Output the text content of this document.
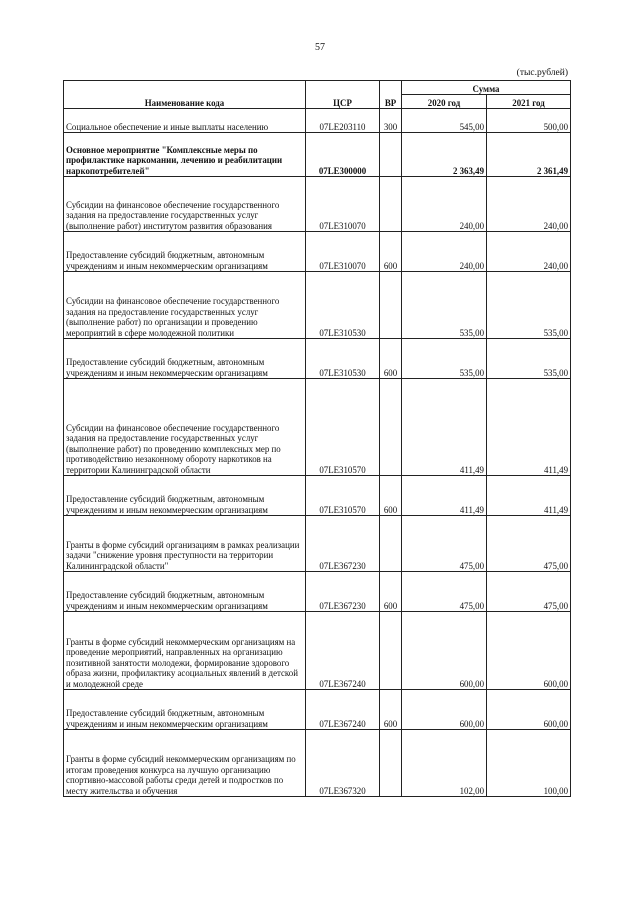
57
(тыс.рублей)
Наименование кода	ЦСР	ВР	Сумма	
			2020 год	2021 год
Социальное обеспечение и иные выплаты населению	07LE203110	300	545,00	500,00
Основное мероприятие "Комплексные меры по профилактике наркомании, лечению и реабилитации наркопотребителей"	07LE300000		2 363,49	2 361,49
Субсидии на финансовое обеспечение государственного задания на предоставление государственных услуг (выполнение работ) институтом развития образования	07LE310070		240,00	240,00
Предоставление субсидий бюджетным, автономным учреждениям и иным некоммерческим организациям	07LE310070	600	240,00	240,00
Субсидии на финансовое обеспечение государственного задания на предоставление государственных услуг (выполнение работ) по организации и проведению мероприятий в сфере молодежной политики	07LE310530		535,00	535,00
Предоставление субсидий бюджетным, автономным учреждениям и иным некоммерческим организациям	07LE310530	600	535,00	535,00
Субсидии на финансовое обеспечение государственного задания на предоставление государственных услуг (выполнение работ) по проведению комплексных мер по противодействию незаконному обороту наркотиков на территории Калининградской области	07LE310570		411,49	411,49
Предоставление субсидий бюджетным, автономным учреждениям и иным некоммерческим организациям	07LE310570	600	411,49	411,49
Гранты в форме субсидий организациям в рамках реализации задачи "снижение уровня преступности на территории Калининградской области"	07LE367230		475,00	475,00
Предоставление субсидий бюджетным, автономным учреждениям и иным некоммерческим организациям	07LE367230	600	475,00	475,00
Гранты в форме субсидий некоммерческим организациям на проведение мероприятий, направленных на организацию позитивной занятости молодежи, формирование здорового образа жизни, профилактику асоциальных явлений в детской и молодежной среде	07LE367240		600,00	600,00
Предоставление субсидий бюджетным, автономным учреждениям и иным некоммерческим организациям	07LE367240	600	600,00	600,00
Гранты в форме субсидий некоммерческим организациям по итогам проведения конкурса на лучшую организацию спортивно-массовой работы среди детей и подростков по месту жительства и обучения	07LE367320		102,00	100,00
